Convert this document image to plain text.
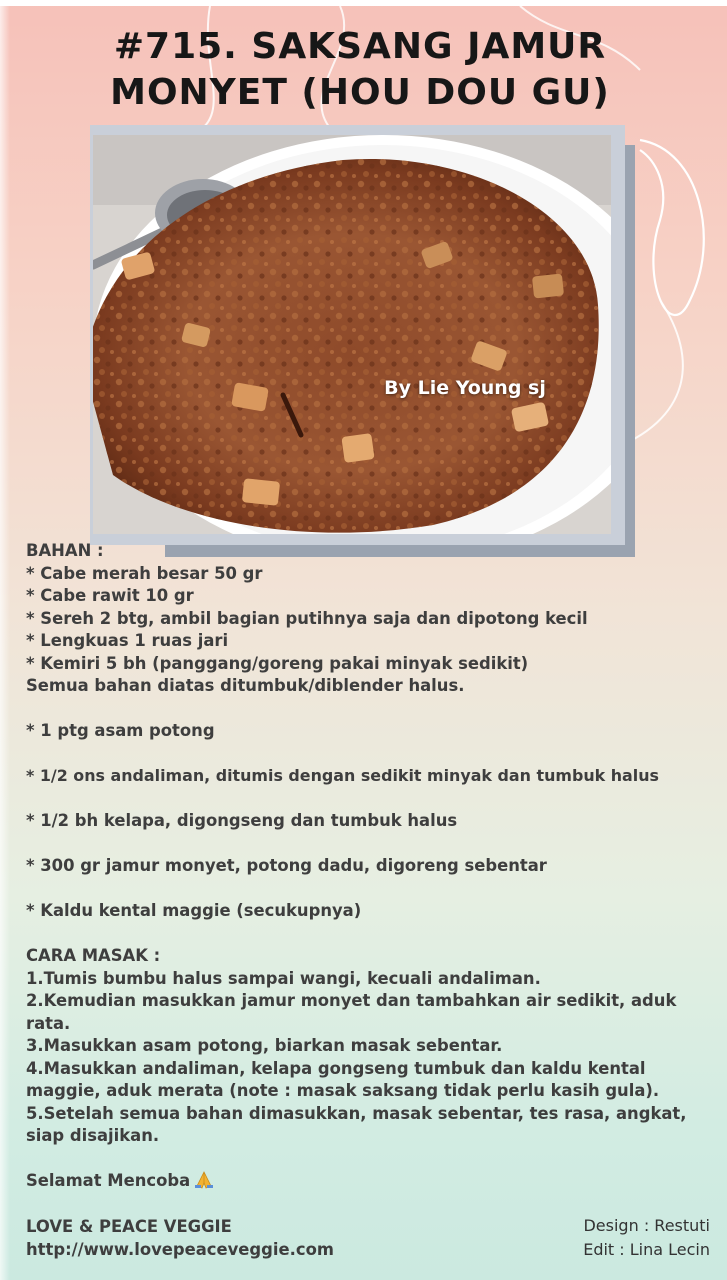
#715. SAKSANG JAMUR MONYET (HOU DOU GU)
By Lie Young sj
BAHAN :
* Cabe merah besar 50 gr
* Cabe rawit 10 gr
* Sereh 2 btg, ambil bagian putihnya saja dan dipotong kecil
* Lengkuas 1 ruas jari
* Kemiri 5 bh (panggang/goreng pakai minyak sedikit)
Semua bahan diatas ditumbuk/diblender halus.
* 1 ptg asam potong
* 1/2 ons andaliman, ditumis dengan sedikit minyak dan tumbuk halus
* 1/2 bh kelapa, digongseng dan tumbuk halus
* 300 gr jamur monyet, potong dadu, digoreng sebentar
* Kaldu kental maggie (secukupnya)
CARA MASAK :
1.Tumis bumbu halus sampai wangi, kecuali andaliman.
2.Kemudian masukkan jamur monyet dan tambahkan air sedikit, aduk rata.
3.Masukkan asam potong, biarkan masak sebentar.
4.Masukkan andaliman, kelapa gongseng tumbuk dan kaldu kental maggie, aduk merata (note : masak saksang tidak perlu kasih gula).
5.Setelah semua bahan dimasukkan, masak sebentar, tes rasa, angkat, siap disajikan.
Selamat Mencoba
LOVE & PEACE VEGGIE
http://www.lovepeaceveggie.com
Design : Restuti
Edit : Lina Lecin
